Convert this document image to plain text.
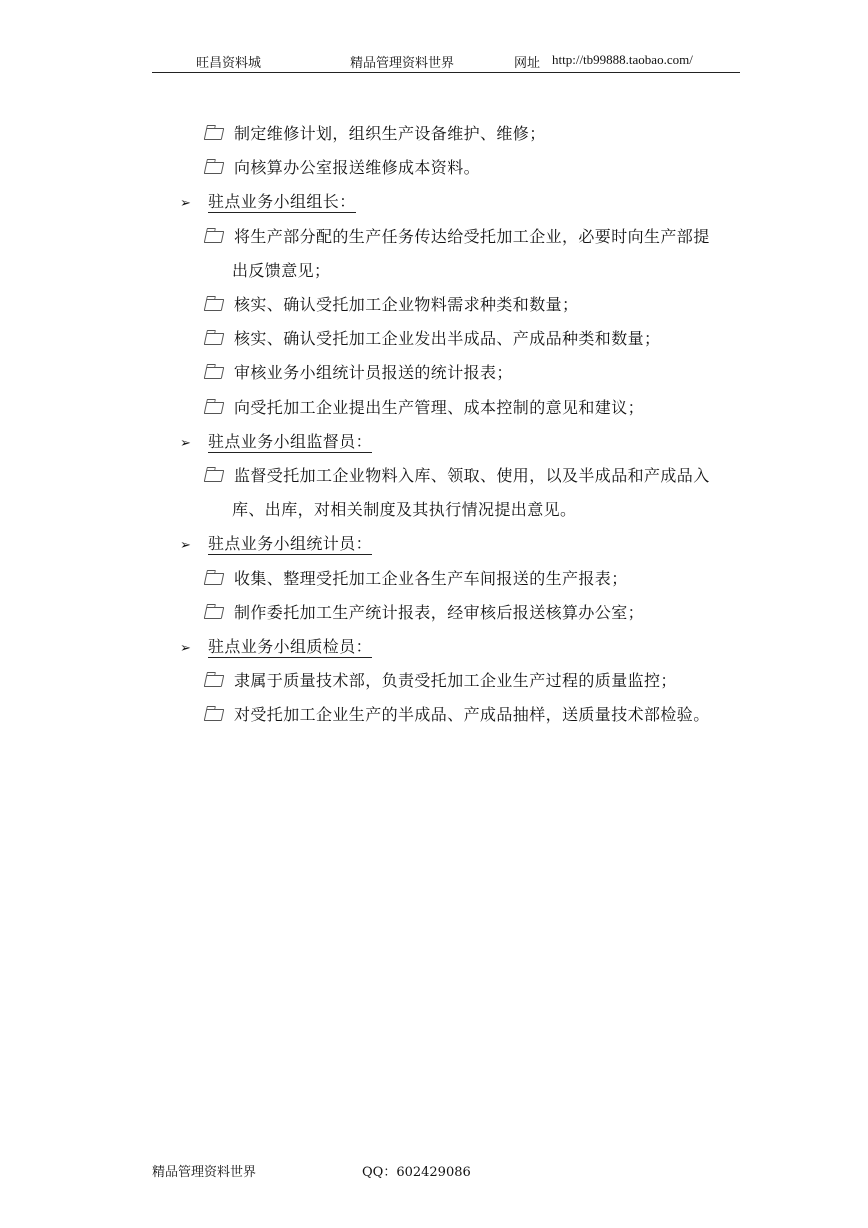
旺昌资料城	精品管理资料世界	网址 http://tb99888.taobao.com/
制定维修计划，组织生产设备维护、维修；
向核算办公室报送维修成本资料。
➢ 驻点业务小组组长：
将生产部分配的生产任务传达给受托加工企业，必要时向生产部提
出反馈意见；
核实、确认受托加工企业物料需求种类和数量；
核实、确认受托加工企业发出半成品、产成品种类和数量；
审核业务小组统计员报送的统计报表；
向受托加工企业提出生产管理、成本控制的意见和建议；
➢ 驻点业务小组监督员：
监督受托加工企业物料入库、领取、使用，以及半成品和产成品入
库、出库，对相关制度及其执行情况提出意见。
➢ 驻点业务小组统计员：
收集、整理受托加工企业各生产车间报送的生产报表；
制作委托加工生产统计报表，经审核后报送核算办公室；
➢ 驻点业务小组质检员：
隶属于质量技术部，负责受托加工企业生产过程的质量监控；
对受托加工企业生产的半成品、产成品抽样，送质量技术部检验。
精品管理资料世界	QQ：602429086
